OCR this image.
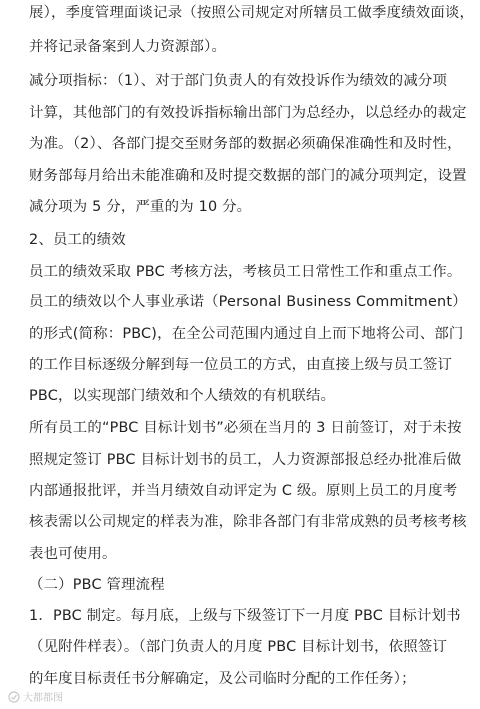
展），季度管理面谈记录（按照公司规定对所辖员工做季度绩效面谈，
并将记录备案到人力资源部）。
减分项指标：（1）、对于部门负责人的有效投诉作为绩效的减分项
计算，其他部门的有效投诉指标输出部门为总经办，以总经办的裁定
为准。（2）、各部门提交至财务部的数据必须确保准确性和及时性，
财务部每月给出未能准确和及时提交数据的部门的减分项判定，设置
减分项为 5 分，严重的为 10 分。
2、员工的绩效
员工的绩效采取 PBC 考核方法，考核员工日常性工作和重点工作。
员工的绩效以个人事业承诺（Personal Business Commitment）
的形式(简称：PBC)，在全公司范围内通过自上而下地将公司、部门
的工作目标逐级分解到每一位员工的方式，由直接上级与员工签订
PBC，以实现部门绩效和个人绩效的有机联结。
所有员工的“PBC 目标计划书”必须在当月的 3 日前签订，对于未按
照规定签订 PBC 目标计划书的员工，人力资源部报总经办批准后做
内部通报批评，并当月绩效自动评定为 C 级。原则上员工的月度考
核表需以公司规定的样表为准，除非各部门有非常成熟的员考核考核
表也可使用。
（二）PBC 管理流程
1．PBC 制定。每月底，上级与下级签订下一月度 PBC 目标计划书
（见附件样表）。（部门负责人的月度 PBC 目标计划书，依照签订
的年度目标责任书分解确定，及公司临时分配的工作任务）；
大都都图
